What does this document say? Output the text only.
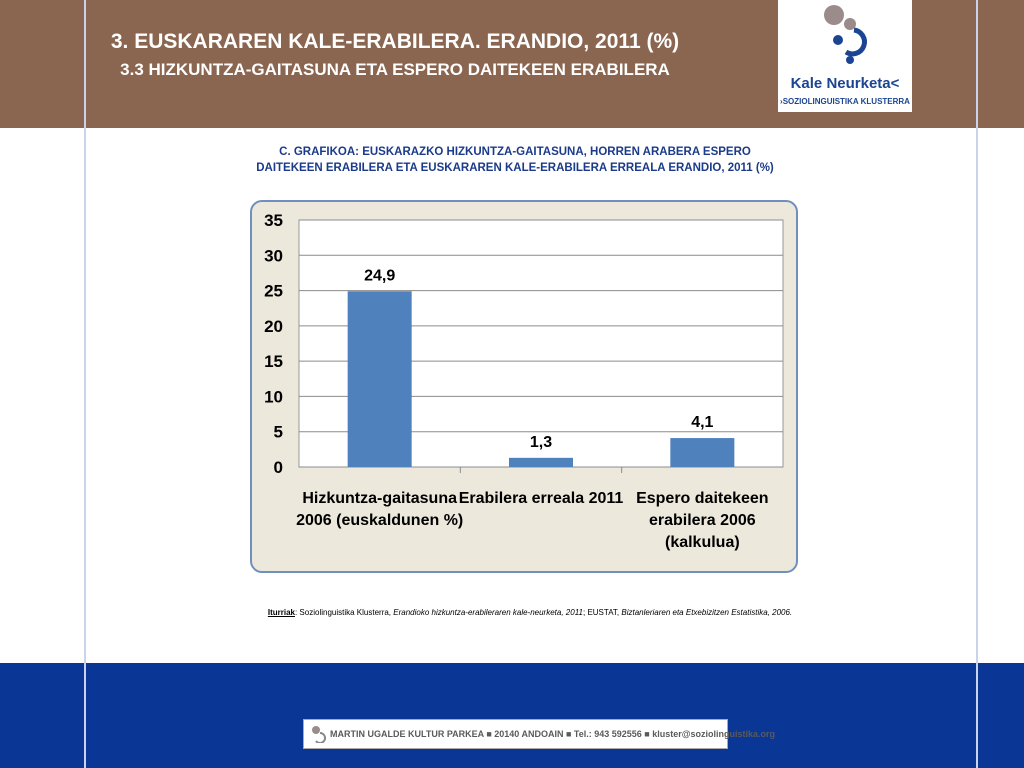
3. EUSKARAREN KALE-ERABILERA. ERANDIO, 2011 (%)
3.3 HIZKUNTZA-GAITASUNA ETA ESPERO DAITEKEEN ERABILERA
Kale Neurketa<
›SOZIOLINGUISTIKA KLUSTERRA
C. GRAFIKOA: EUSKARAZKO HIZKUNTZA-GAITASUNA, HORREN ARABERA ESPERO
DAITEKEEN ERABILERA ETA EUSKARAREN KALE-ERABILERA ERREALA ERANDIO, 2011 (%)
0
5
10
15
20
25
30
35
24,9
Hizkuntza-gaitasuna
2006 (euskaldunen %)
1,3
Erabilera erreala 2011
4,1
Espero daitekeen
erabilera 2006
(kalkulua)
Iturriak: Soziolinguistika Klusterra, Erandioko hizkuntza-erabileraren kale-neurketa, 2011; EUSTAT, Biztanleriaren eta Etxebizitzen Estatistika, 2006.
MARTIN UGALDE KULTUR PARKEA ■ 20140 ANDOAIN ■ Tel.: 943 592556 ■ kluster@soziolinguistika.org
